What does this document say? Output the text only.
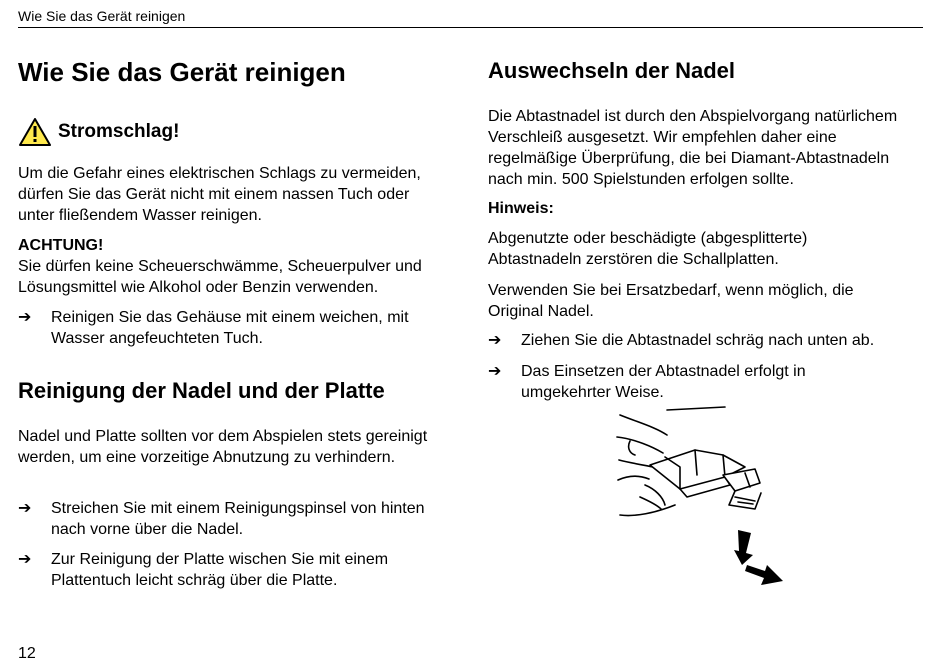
Wie Sie das Gerät reinigen
Wie Sie das Gerät reinigen
Stromschlag!

Um die Gefahr eines elektrischen Schlags zu vermeiden, dürfen Sie das Gerät nicht mit einem nassen Tuch oder unter fließendem Wasser reinigen.

ACHTUNG!

Sie dürfen keine Scheuerschwämme, Scheuerpulver und Lösungsmittel wie Alkohol oder Benzin verwenden.

➔ Reinigen Sie das Gehäuse mit einem weichen, mit Wasser angefeuchteten Tuch.

Reinigung der Nadel und der Platte

Nadel und Platte sollten vor dem Abspielen stets gereinigt werden, um eine vorzeitige Abnutzung zu verhindern.

➔ Streichen Sie mit einem Reinigungspinsel von hinten nach vorne über die Nadel.

➔ Zur Reinigung der Platte wischen Sie mit einem Plattentuch leicht schräg über die Platte.

Auswechseln der Nadel

Die Abtastnadel ist durch den Abspielvorgang natürlichem Verschleiß ausgesetzt. Wir empfehlen daher eine regelmäßige Überprüfung, die bei Diamant-Abtastnadeln nach min. 500 Spielstunden erfolgen sollte.

Hinweis:

Abgenutzte oder beschädigte (abgesplitterte) Abtastnadeln zerstören die Schallplatten.

Verwenden Sie bei Ersatzbedarf, wenn möglich, die Original Nadel.

➔ Ziehen Sie die Abtastnadel schräg nach unten ab.

➔ Das Einsetzen der Abtastnadel erfolgt in umgekehrter Weise.

12
